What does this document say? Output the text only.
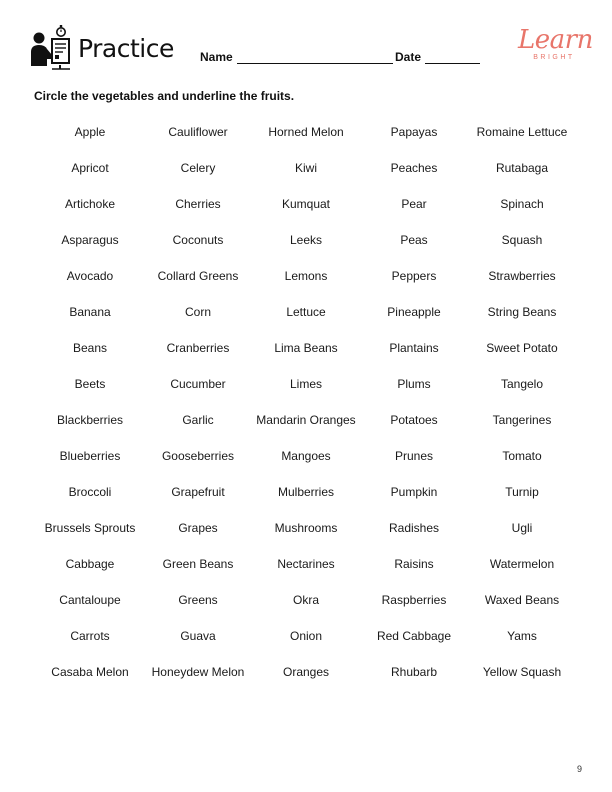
Practice Name	Date
Learn
BRIGHT
Circle the vegetables and underline the fruits.
Apple
Apricot
Artichoke
Asparagus
Avocado
Banana
Beans
Beets
Blackberries
Blueberries
Broccoli
Brussels Sprouts
Cabbage
Cantaloupe
Carrots
Casaba Melon
Cauliflower
Celery
Cherries
Coconuts
Collard Greens
Corn
Cranberries
Cucumber
Garlic
Gooseberries
Grapefruit
Grapes
Green Beans
Greens
Guava
Honeydew Melon
Horned Melon
Kiwi
Kumquat
Leeks
Lemons
Lettuce
Lima Beans
Limes
Mandarin Oranges
Mangoes
Mulberries
Mushrooms
Nectarines
Okra
Onion
Oranges
Papayas
Peaches
Pear
Peas
Peppers
Pineapple
Plantains
Plums
Potatoes
Prunes
Pumpkin
Radishes
Raisins
Raspberries
Red Cabbage
Rhubarb
Romaine Lettuce
Rutabaga
Spinach
Squash
Strawberries
String Beans
Sweet Potato
Tangelo
Tangerines
Tomato
Turnip
Ugli
Watermelon
Waxed Beans
Yams
Yellow Squash
9
